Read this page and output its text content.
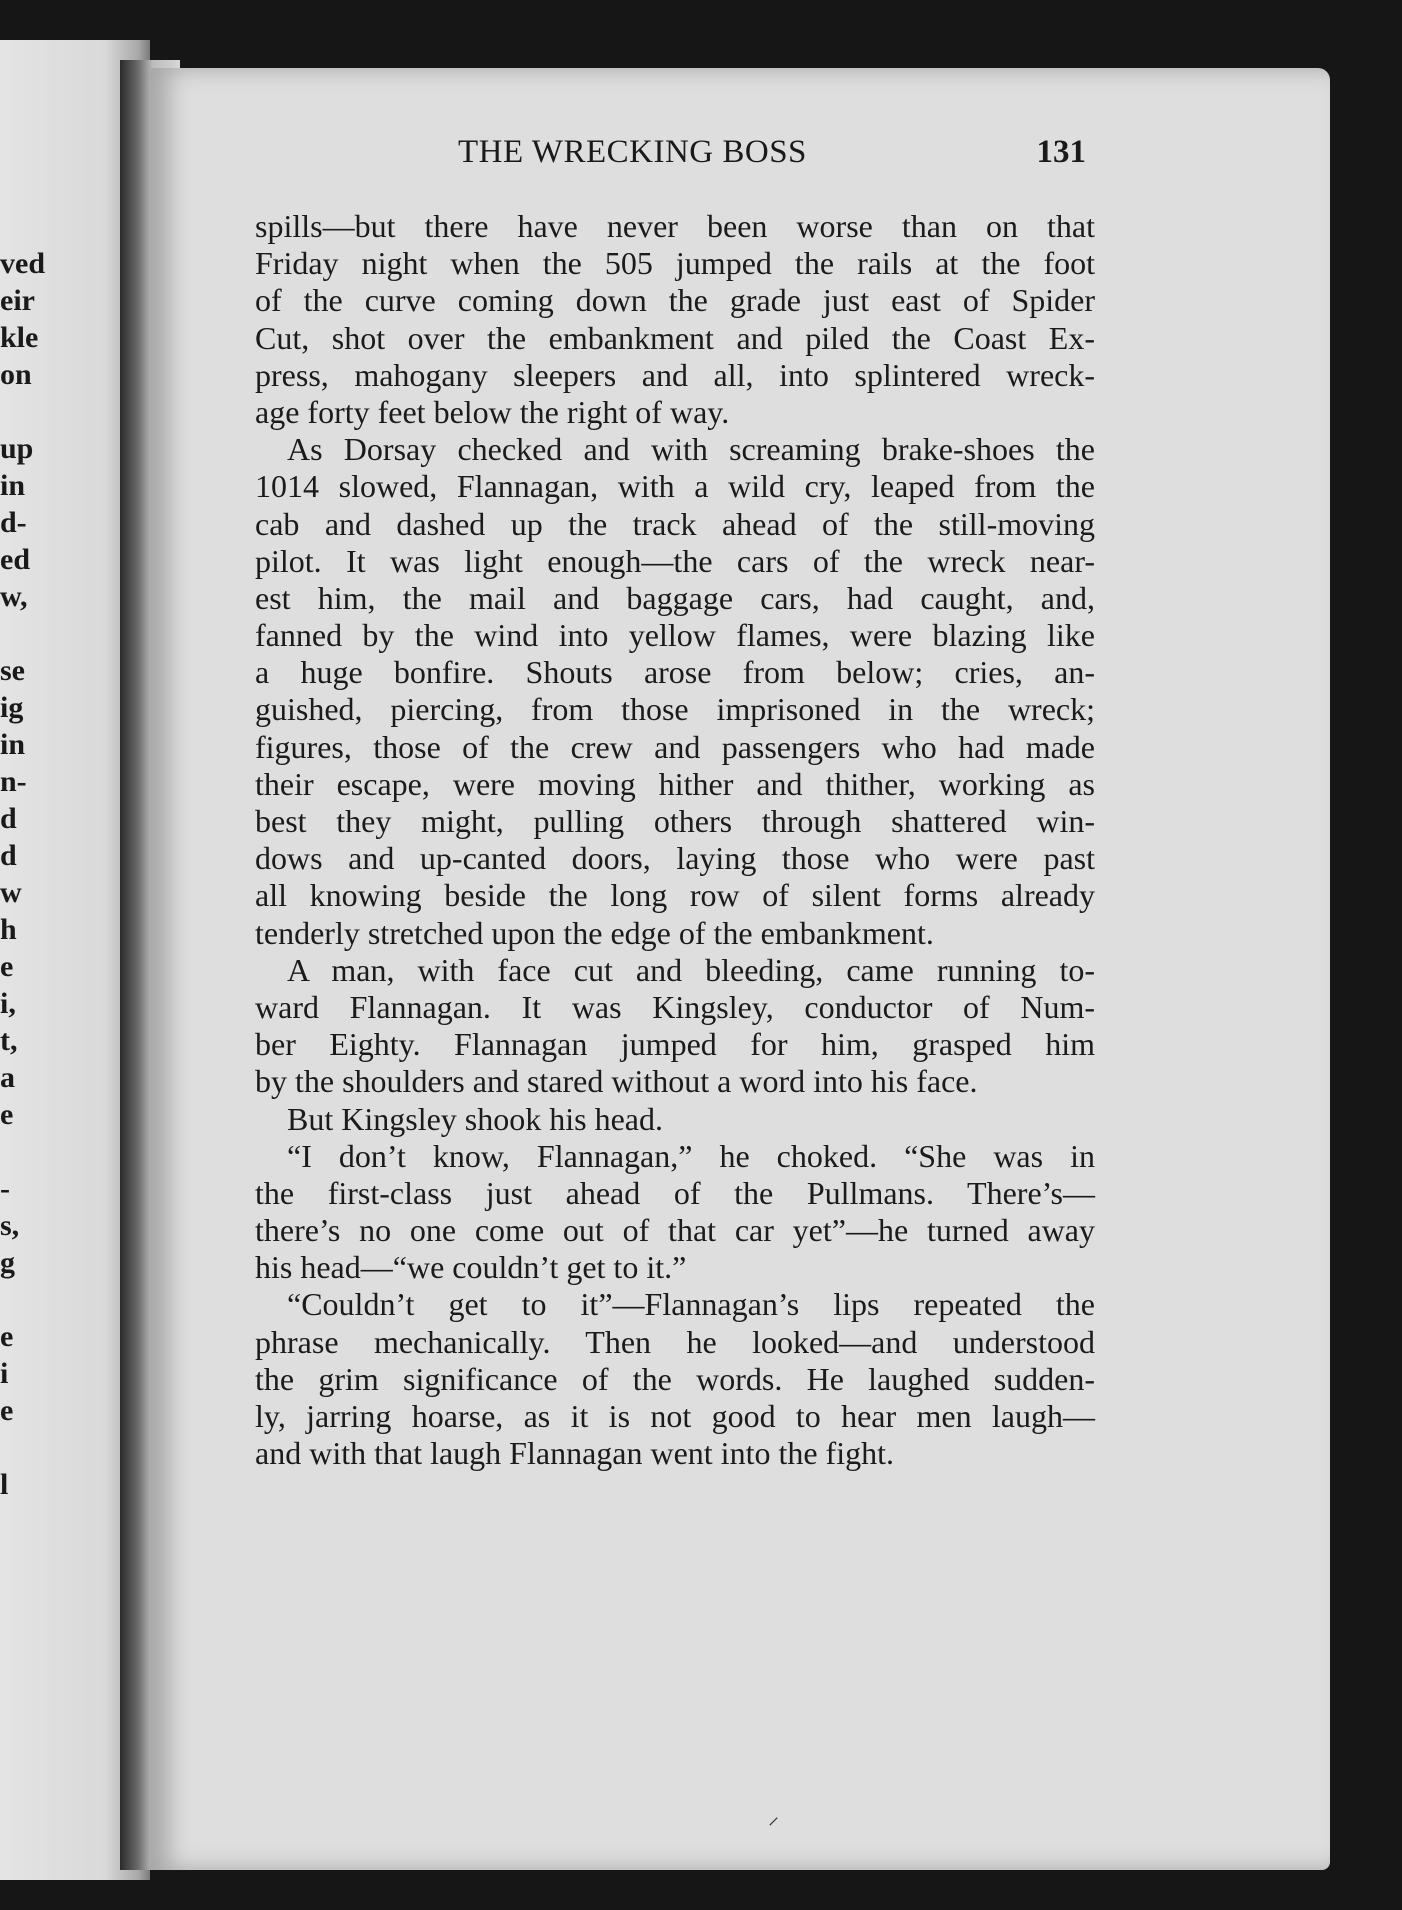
ved
eir
kle
on
up
in
d-
ed
w,
se
ig
in
n-
d
d
w
h
e
i,
t,
a
e
-
s,
g
e
i
e
l
THE WRECKING BOSS	131
spills—but there have never been worse than on that
Friday night when the 505 jumped the rails at the foot
of the curve coming down the grade just east of Spider
Cut, shot over the embankment and piled the Coast Ex-
press, mahogany sleepers and all, into splintered wreck-
age forty feet below the right of way.
As Dorsay checked and with screaming brake-shoes the
1014 slowed, Flannagan, with a wild cry, leaped from the
cab and dashed up the track ahead of the still-moving
pilot. It was light enough—the cars of the wreck near-
est him, the mail and baggage cars, had caught, and,
fanned by the wind into yellow flames, were blazing like
a huge bonfire. Shouts arose from below; cries, an-
guished, piercing, from those imprisoned in the wreck;
figures, those of the crew and passengers who had made
their escape, were moving hither and thither, working as
best they might, pulling others through shattered win-
dows and up-canted doors, laying those who were past
all knowing beside the long row of silent forms already
tenderly stretched upon the edge of the embankment.
A man, with face cut and bleeding, came running to-
ward Flannagan. It was Kingsley, conductor of Num-
ber Eighty. Flannagan jumped for him, grasped him
by the shoulders and stared without a word into his face.
But Kingsley shook his head.
“I don’t know, Flannagan,” he choked. “She was in
the first-class just ahead of the Pullmans. There’s—
there’s no one come out of that car yet”—he turned away
his head—“we couldn’t get to it.”
“Couldn’t get to it”—Flannagan’s lips repeated the
phrase mechanically. Then he looked—and understood
the grim significance of the words. He laughed sudden-
ly, jarring hoarse, as it is not good to hear men laugh—
and with that laugh Flannagan went into the fight.
⸍
